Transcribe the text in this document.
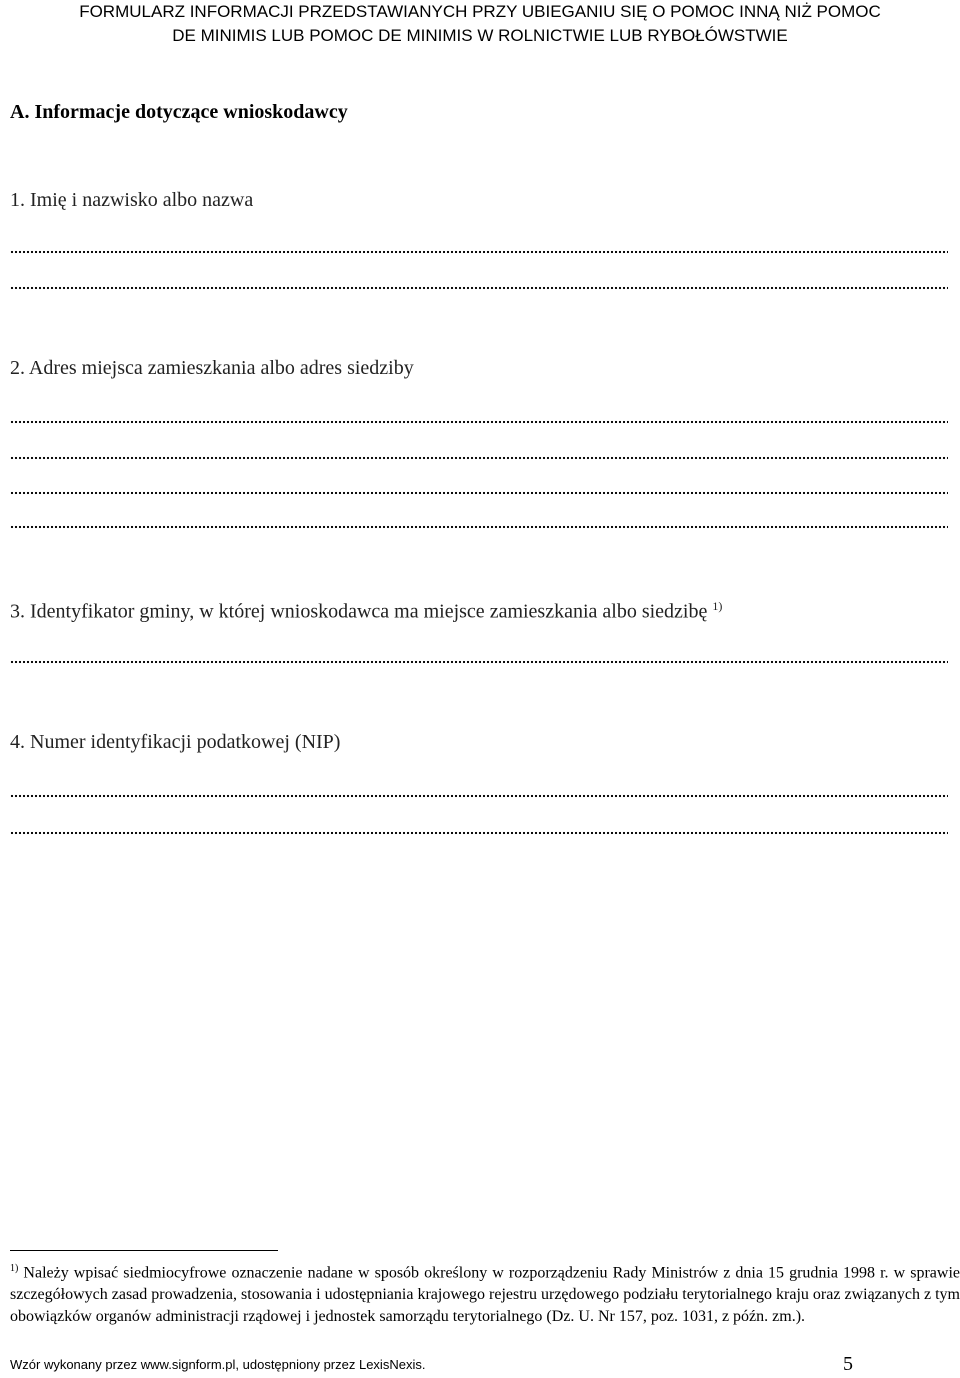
FORMULARZ INFORMACJI PRZEDSTAWIANYCH PRZY UBIEGANIU SIĘ O POMOC INNĄ NIŻ POMOC
DE MINIMIS LUB POMOC DE MINIMIS W ROLNICTWIE LUB RYBOŁÓWSTWIE
A. Informacje dotyczące wnioskodawcy
1. Imię i nazwisko albo nazwa
2. Adres miejsca zamieszkania albo adres siedziby
3. Identyfikator gminy, w której wnioskodawca ma miejsce zamieszkania albo siedzibę $^{1)}$
4. Numer identyfikacji podatkowej (NIP)
$^{1)}$ Należy wpisać siedmiocyfrowe oznaczenie nadane w sposób określony w rozporządzeniu Rady Ministrów z dnia 15 grudnia 1998 r. w sprawie szczegółowych zasad prowadzenia, stosowania i udostępniania krajowego rejestru urzędowego podziału terytorialnego kraju oraz związanych z tym obowiązków organów administracji rządowej i jednostek samorządu terytorialnego (Dz. U. Nr 157, poz. 1031, z późn. zm.).
Wzór wykonany przez www.signform.pl, udostępniony przez LexisNexis.	5
